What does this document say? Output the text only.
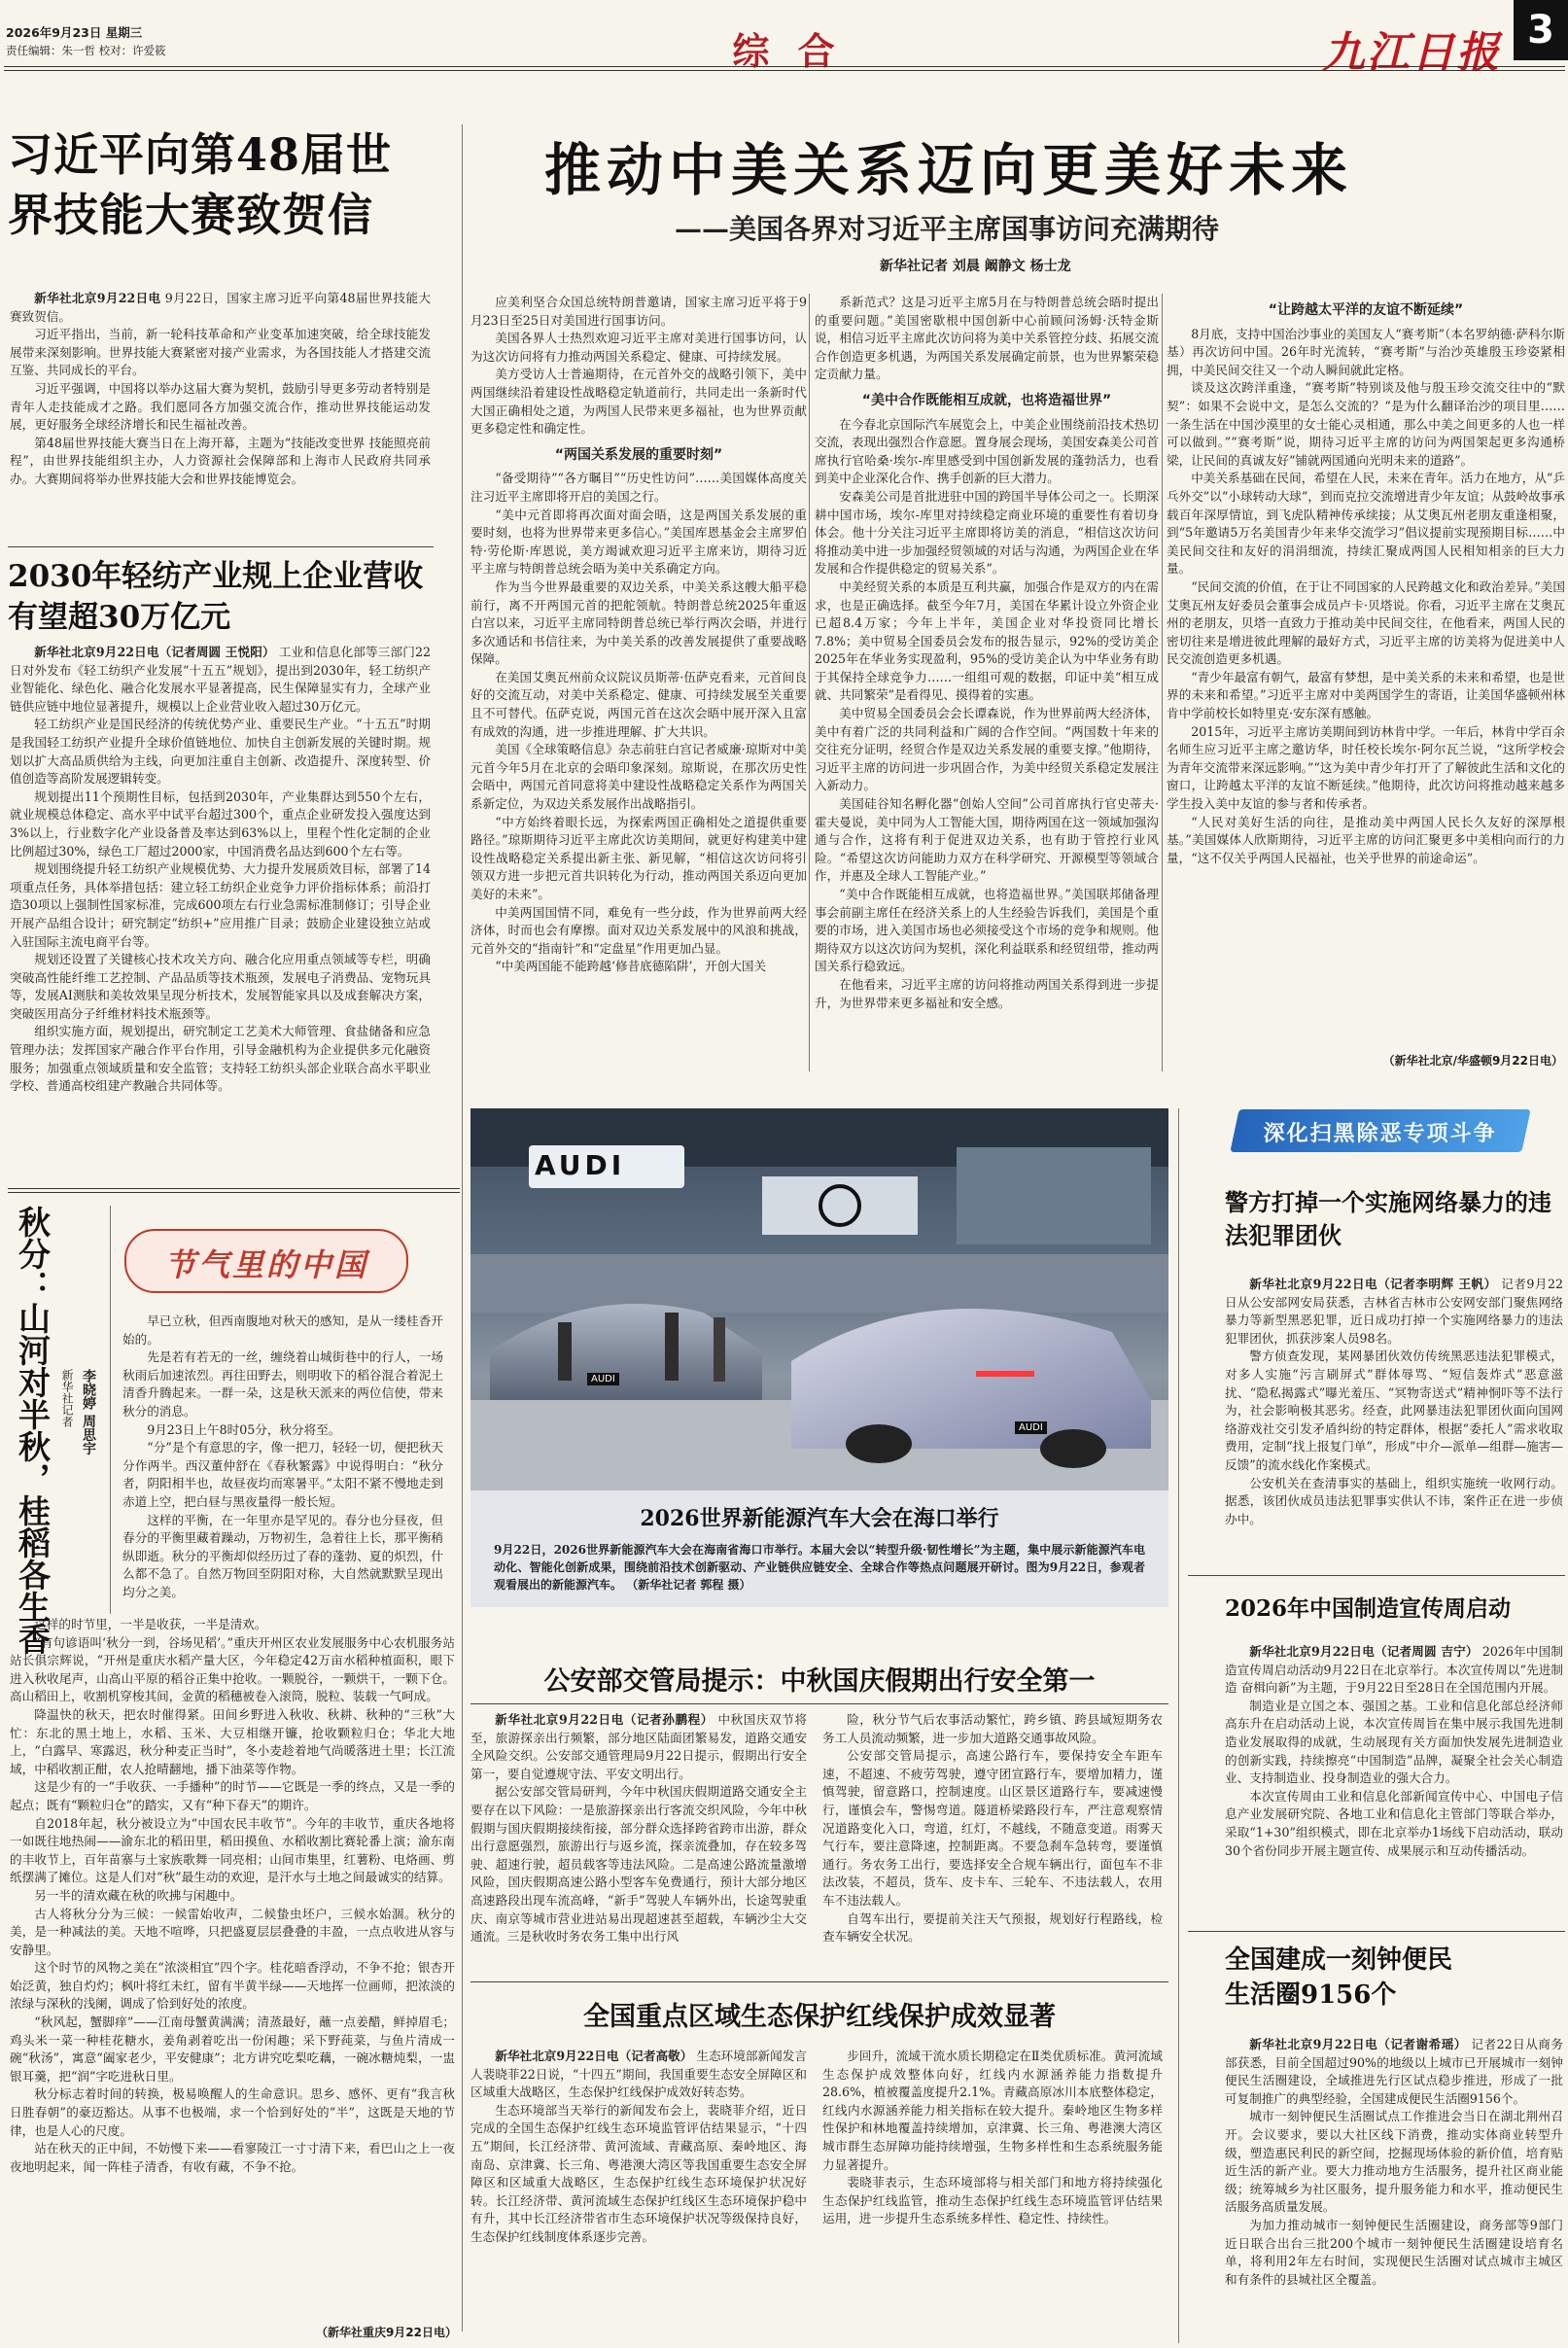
2026年9月23日 星期三
责任编辑：朱一哲 校对：许爱筱	综 合	九江日报 3
习近平向第48届世界技能大赛致贺信

新华社北京9月22日电 9月22日，国家主席习近平向第48届世界技能大赛致贺信。

习近平指出，当前，新一轮科技革命和产业变革加速突破，给全球技能发展带来深刻影响。世界技能大赛紧密对接产业需求，为各国技能人才搭建交流互鉴、共同成长的平台。

习近平强调，中国将以举办这届大赛为契机，鼓励引导更多劳动者特别是青年人走技能成才之路。我们愿同各方加强交流合作，推动世界技能运动发展，更好服务全球经济增长和民生福祉改善。

第48届世界技能大赛当日在上海开幕，主题为“技能改变世界 技能照亮前程”，由世界技能组织主办，人力资源社会保障部和上海市人民政府共同承办。大赛期间将举办世界技能大会和世界技能博览会。

2030年轻纺产业规上企业营收有望超30万亿元

新华社北京9月22日电（记者周圆 王悦阳） 工业和信息化部等三部门22日对外发布《轻工纺织产业发展“十五五”规划》，提出到2030年，轻工纺织产业智能化、绿色化、融合化发展水平显著提高，民生保障显实有力，全球产业链供应链中地位显著提升，规模以上企业营业收入超过30万亿元。

轻工纺织产业是国民经济的传统优势产业、重要民生产业。“十五五”时期是我国轻工纺织产业提升全球价值链地位、加快自主创新发展的关键时期。规划以扩大高品质供给为主线，向更加注重自主创新、改造提升、深度转型、价值创造等高阶发展逻辑转变。

规划提出11个预期性目标，包括到2030年，产业集群达到550个左右，就业规模总体稳定、高水平中试平台超过300个，重点企业研发投入强度达到3%以上，行业数字化产业设备普及率达到63%以上，里程个性化定制的企业比例超过30%，绿色工厂超过2000家，中国消费名品达到600个左右等。

规划围绕提升轻工纺织产业规模优势、大力提升发展质效目标，部署了14项重点任务，具体举措包括：建立轻工纺织企业竞争力评价指标体系；前沿打造30项以上强制性国家标准，完成600项左右行业急需标准制修订；引导企业开展产品组合设计；研究制定“纺织+”应用推广目录；鼓励企业建设独立站或入驻国际主流电商平台等。

规划还设置了关键核心技术攻关方向、融合化应用重点领域等专栏，明确突破高性能纤维工艺控制、产品品质等技术瓶颈，发展电子消费品、宠物玩具等，发展AI测肤和美妆效果呈现分析技术，发展智能家具以及成套解决方案，突破医用高分子纤维材料技术瓶颈等。

组织实施方面，规划提出，研究制定工艺美术大师管理、食盐储备和应急管理办法；发挥国家产融合作平台作用，引导金融机构为企业提供多元化融资服务；加强重点领域质量和安全监管；支持轻工纺织头部企业联合高水平职业学校、普通高校组建产教融合共同体等。

秋分：山河对半秋，桂稻各生香 新华社记者 李晓婷 周思宇
节气里的中国

早已立秋，但西南腹地对秋天的感知，是从一缕桂香开始的。

先是若有若无的一丝，缠绕着山城街巷中的行人，一场秋雨后加速浓烈。再往田野去，则明收下的稻谷混合着泥土清香升腾起来。一群一朵，这是秋天派来的两位信使，带来秋分的消息。

9月23日上午8时05分，秋分将至。

“分”是个有意思的字，像一把刀，轻轻一切，便把秋天分作两半。西汉董仲舒在《春秋繁露》中说得明白：“秋分者，阴阳相半也，故昼夜均而寒暑平。”太阳不紧不慢地走到赤道上空，把白昼与黑夜量得一般长短。

这样的平衡，在一年里亦是罕见的。春分也分昼夜，但春分的平衡里藏着躁动，万物初生，急着往上长，那平衡稍纵即逝。秋分的平衡却似经历过了春的蓬勃、夏的炽烈，什么都不急了。自然万物回至阴阳对称，大自然就默默呈现出均分之美。

这样的时节里，一半是收获，一半是清欢。

“有句谚语叫‘秋分一到，谷场见稻’。”重庆开州区农业发展服务中心农机服务站站长俱宗辉说，“开州是重庆水稻产量大区，今年稳定42万亩水稻种植面积，眼下进入秋收尾声，山高山平原的稻谷正集中抢收。一颗脱谷，一颗烘干，一颗下仓。高山稻田上，收割机穿梭其间，金黄的稻穗被卷入滚筒，脱粒、装载一气呵成。

降温快的秋天，把农时催得紧。田间乡野进入秋收、秋耕、秋种的“三秋”大忙：东北的黑土地上，水稻、玉米、大豆相继开镰，抢收颗粒归仓；华北大地上，“白露早、寒露迟，秋分种麦正当时”，冬小麦趁着地气尚暖落进土里；长江流域，中稻收割正酣，农人抢晴翻地，播下油菜等作物。

这是少有的一“手收获、一手播种”的时节——它既是一季的终点，又是一季的起点；既有“颗粒归仓”的踏实，又有“种下春天”的期许。

自2018年起，秋分被设立为“中国农民丰收节”。今年的丰收节，重庆各地将一如既往地热闹——渝东北的稻田里，稻田摸鱼、水稻收割比赛轮番上演；渝东南的丰收节上，百年苗寨与土家族歌舞一同亮相；山间市集里，红薯粉、电烙画、剪纸摆满了摊位。这是人们对“秋”最生动的欢迎，是汗水与土地之间最诚实的结算。

另一半的清欢藏在秋的吹拂与闲趣中。

古人将秋分分为三候：一候雷始收声，二候蛰虫坯户，三候水始涸。秋分的美，是一种减法的美。天地不喧哗，只把盛夏层层叠叠的丰盈，一点点收进从容与安静里。

这个时节的风物之美在“浓淡相宜”四个字。桂花暗香浮动，不争不抢；银杏开始泛黄，独自灼灼；枫叶将红未红，留有半黄半绿——天地挥一位画师，把浓淡的浓绿与深秋的浅阑，调成了恰到好处的浓度。

“秋风起，蟹脚痒”——江南母蟹黄满满；清蒸最好，蘸一点姜醋，鲜掉眉毛；鸡头米一菜一种桂花糖水，姜角剥着吃出一份闲趣；采下野莼菜，与鱼片清成一碗“秋汤”，寓意“阖家老少，平安健康”；北方讲究吃梨吃藕，一碗冰糖炖梨，一盅银耳羹，把“润”字吃进秋日里。

秋分标志着时间的转换，极易唤醒人的生命意识。思乡、感怀、更有“我言秋日胜春朝”的豪迈豁达。从事不也极端，求一个恰到好处的“半”，这既是天地的节律，也是人心的尺度。

站在秋天的正中间，不妨慢下来——看寥陵江一寸寸清下来，看巴山之上一夜夜地明起来，闻一阵桂子清香，有收有藏，不争不抢。

（新华社重庆9月22日电）
推动中美关系迈向更美好未来
——美国各界对习近平主席国事访问充满期待
新华社记者 刘晨 阚静文 杨士龙

应美利坚合众国总统特朗普邀请，国家主席习近平将于9月23日至25日对美国进行国事访问。

美国各界人士热烈欢迎习近平主席对美进行国事访问，认为这次访问将有力推动两国关系稳定、健康、可持续发展。

美方受访人士普遍期待，在元首外交的战略引领下，美中两国继续沿着建设性战略稳定轨道前行，共同走出一条新时代大国正确相处之道，为两国人民带来更多福祉，也为世界贡献更多稳定性和确定性。

“两国关系发展的重要时刻”

“备受期待”“各方瞩目”“历史性访问”……美国媒体高度关注习近平主席即将开启的美国之行。

“美中元首即将再次面对面会晤，这是两国关系发展的重要时刻，也将为世界带来更多信心。”美国库恩基金会主席罗伯特·劳伦斯·库恩说，美方竭诚欢迎习近平主席来访，期待习近平主席与特朗普总统会晤为美中关系确定方向。

作为当今世界最重要的双边关系，中美关系这艘大船平稳前行，离不开两国元首的把舵领航。特朗普总统2025年重返白宫以来，习近平主席同特朗普总统已举行两次会晤，并进行多次通话和书信往来，为中美关系的改善发展提供了重要战略保障。

在美国艾奥瓦州前众议院议员斯蒂·伍萨克看来，元首间良好的交流互动，对美中关系稳定、健康、可持续发展至关重要且不可替代。伍萨克说，两国元首在这次会晤中展开深入且富有成效的沟通，进一步推进理解、扩大共识。

美国《全球策略信息》杂志前驻白宫记者威廉·琼斯对中美元首今年5月在北京的会晤印象深刻。琼斯说，在那次历史性会晤中，两国元首同意将美中建设性战略稳定关系作为两国关系新定位，为双边关系发展作出战略指引。

“中方始终着眼长远，为探索两国正确相处之道提供重要路径。”琼斯期待习近平主席此次访美期间，就更好构建美中建设性战略稳定关系提出新主张、新见解，“相信这次访问将引领双方进一步把元首共识转化为行动，推动两国关系迈向更加美好的未来”。

中美两国国情不同，难免有一些分歧，作为世界前两大经济体，时而也会有摩擦。面对双边关系发展中的风浪和挑战，元首外交的“指南针”和“定盘星”作用更加凸显。

“中美两国能不能跨越‘修昔底德陷阱’，开创大国关

系新范式？这是习近平主席5月在与特朗普总统会晤时提出的重要问题。”美国密歇根中国创新中心前顾问汤姆·沃特金斯说，相信习近平主席此次访问将为美中关系管控分歧、拓展交流合作创造更多机遇，为两国关系发展确定前景，也为世界繁荣稳定贡献力量。

“美中合作既能相互成就，也将造福世界”

在今春北京国际汽车展览会上，中美企业围绕前沿技术热切交流，表现出强烈合作意愿。置身展会现场，美国安森美公司首席执行官哈桑·埃尔-库里感受到中国创新发展的蓬勃活力，也看到美中企业深化合作、携手创新的巨大潜力。

安森美公司是首批进驻中国的跨国半导体公司之一。长期深耕中国市场，埃尔-库里对持续稳定商业环境的重要性有着切身体会。他十分关注习近平主席即将访美的消息，“相信这次访问将推动美中进一步加强经贸领域的对话与沟通，为两国企业在华发展和合作提供稳定的贸易关系”。

中美经贸关系的本质是互利共赢，加强合作是双方的内在需求，也是正确选择。截至今年7月，美国在华累计设立外资企业已超8.4万家；今年上半年，美国企业对华投资同比增长7.8%；美中贸易全国委员会发布的报告显示，92%的受访美企2025年在华业务实现盈利，95%的受访美企认为中华业务有助于其保持全球竞争力……一组组可观的数据，印证中美“相互成就、共同繁荣”是看得见、摸得着的实惠。

美中贸易全国委员会会长谭森说，作为世界前两大经济体，美中有着广泛的共同利益和广阔的合作空间。“两国数十年来的交往充分证明，经贸合作是双边关系发展的重要支撑。”他期待，习近平主席的访问进一步巩固合作，为美中经贸关系稳定发展注入新动力。

美国硅谷知名孵化器“创始人空间”公司首席执行官史蒂夫·霍夫曼说，美中同为人工智能大国，期待两国在这一领域加强沟通与合作，这将有利于促进双边关系，也有助于管控行业风险。“希望这次访问能助力双方在科学研究、开源模型等领域合作，并惠及全球人工智能产业。”

“美中合作既能相互成就，也将造福世界。”美国联邦储备理事会前副主席任在经济关系上的人生经验告诉我们，美国是个重要的市场，进入美国市场也必须接受这个市场的竞争和规则。他期待双方以这次访问为契机，深化利益联系和经贸纽带，推动两国关系行稳致远。

在他看来，习近平主席的访问将推动两国关系得到进一步提升，为世界带来更多福祉和安全感。

“让跨越太平洋的友谊不断延续”

8月底，支持中国治沙事业的美国友人“赛考斯”（本名罗纳德·萨科尔斯基）再次访问中国。26年时光流转，“赛考斯”与治沙英雄殷玉珍姿紧相拥，中美民间交往又一个动人瞬间就此定格。

谈及这次跨洋重逢，“赛考斯”特别谈及他与殷玉珍交流交往中的“默契”：如果不会说中文，是怎么交流的？“是为什么翻译治沙的项目里……一条生活在中国沙漠里的女士能心灵相通，那么中美之间更多的人也一样可以做到。”“赛考斯”说，期待习近平主席的访问为两国架起更多沟通桥梁，让民间的真诚友好“铺就两国通向光明未来的道路”。

中美关系基础在民间，希望在人民，未来在青年。活力在地方，从“乒乓外交”以“小球转动大球”，到而克拉交流增进青少年友谊；从鼓岭故事承载百年深厚情谊，到飞虎队精神传承续接；从艾奥瓦州老朋友重逢相聚，到“5年邀请5万名美国青少年来华交流学习”倡议提前实现预期目标……中美民间交往和友好的涓涓细流，持续汇聚成两国人民相知相亲的巨大力量。

“民间交流的价值，在于让不同国家的人民跨越文化和政治差异。”美国艾奥瓦州友好委员会董事会成员卢卡·贝塔说。你看，习近平主席在艾奥瓦州的老朋友，贝塔一直致力于推动美中民间交往，在他看来，两国人民的密切往来是增进彼此理解的最好方式，习近平主席的访美将为促进美中人民交流创造更多机遇。

“青少年最富有朝气，最富有梦想，是中美关系的未来和希望，也是世界的未来和希望。”习近平主席对中美两国学生的寄语，让美国华盛顿州林肯中学前校长如特里克·安东深有感触。

2015年，习近平主席访美期间到访林肯中学。一年后，林肯中学百余名师生应习近平主席之邀访华，时任校长埃尔·阿尔瓦兰说，“这所学校会为青年交流带来深远影响。”“这为美中青少年打开了了解彼此生活和文化的窗口，让跨越太平洋的友谊不断延续。”他期待，此次访问将推动越来越多学生投入美中友谊的参与者和传承者。

“人民对美好生活的向往，是推动美中两国人民长久友好的深厚根基。”美国媒体人欣斯期待，习近平主席的访问汇聚更多中美相向而行的力量，“这不仅关乎两国人民福祉，也关乎世界的前途命运”。

（新华社北京/华盛顿9月22日电）
AUDI
AUDI
AUDI
2026世界新能源汽车大会在海口举行
9月22日，2026世界新能源汽车大会在海南省海口市举行。本届大会以“转型升级·韧性增长”为主题，集中展示新能源汽车电动化、智能化创新成果，围绕前沿技术创新驱动、产业链供应链安全、全球合作等热点问题展开研讨。图为9月22日，参观者观看展出的新能源汽车。 （新华社记者 郭程 摄）
公安部交管局提示：中秋国庆假期出行安全第一

新华社北京9月22日电（记者孙鹏程） 中秋国庆双节将至，旅游探亲出行频繁，部分地区陆面团繁易发，道路交通安全风险交织。公安部交通管理局9月22日提示，假期出行安全第一，要自觉遵规守法、平安文明出行。

据公安部交管局研判，今年中秋国庆假期道路交通安全主要存在以下风险：一是旅游探亲出行客流交织风险，今年中秋假期与国庆假期接续衔接，部分群众选择跨省跨市出游，群众出行意愿强烈，旅游出行与返乡流，探亲流叠加，存在较多驾驶、超速行驶，超员载客等违法风险。二是高速公路流量激增风险，国庆假期高速公路小型客车免费通行，预计大部分地区高速路段出现车流高峰，“新手”驾驶人车辆外出，长途驾驶重庆、南京等城市营业进站易出现超速甚至超载，车辆沙尘大交通流。三是秋收时务农务工集中出行风

险，秋分节气后农事活动繁忙，跨乡镇、跨县域短期务农务工人员流动频繁，进一步加大道路交通事故风险。

公安部交管局提示，高速公路行车，要保持安全车距车速，不超速、不疲劳驾驶，遵守团宣路行车，要增加精力，谨慎驾驶，留意路口，控制速度。山区景区道路行车，要减速慢行，谨慎会车，警惕弯道。隧道桥梁路段行车，严注意观察情况道路变化入口，弯道，红灯，不越线，不随意变道。雨雾天气行车，要注意降速，控制距离。不要急刹车急转弯，要谨慎通行。务农务工出行，要选择安全合规车辆出行，面包车不非法改装，不超员，货车、皮卡车、三轮车、不违法载人，农用车不违法载人。

自驾车出行，要提前关注天气预报，规划好行程路线，检查车辆安全状况。

全国重点区域生态保护红线保护成效显著

新华社北京9月22日电（记者高敬） 生态环境部新闻发言人裴晓菲22日说，“十四五”期间，我国重要生态安全屏障区和区域重大战略区，生态保护红线保护成效好转态势。

生态环境部当天举行的新闻发布会上，裴晓菲介绍，近日完成的全国生态保护红线生态环境监管评估结果显示，“十四五”期间，长江经济带、黄河流域、青藏高原、秦岭地区、海南岛、京津冀、长三角、粤港澳大湾区等我国重要生态安全屏障区和区域重大战略区，生态保护红线生态环境保护状况好转。长江经济带、黄河流域生态保护红线区生态环境保护稳中有升，其中长江经济带省市生态环境保护状况等级保持良好，生态保护红线制度体系逐步完善。

步回升，流域干流水质长期稳定在Ⅱ类优质标准。黄河流域生态保护成效整体向好，红线内水源涵养能力指数提升28.6%，植被覆盖度提升2.1%。青藏高原冰川本底整体稳定，红线内水源涵养能力相关指标在较大提升。秦岭地区生物多样性保护和林地覆盖持续增加，京津冀、长三角、粤港澳大湾区城市群生态屏障功能持续增强，生物多样性和生态系统服务能力显著提升。

裴晓菲表示，生态环境部将与相关部门和地方将持续强化生态保护红线监管，推动生态保护红线生态环境监管评估结果运用，进一步提升生态系统多样性、稳定性、持续性。

深化扫黑除恶专项斗争
警方打掉一个实施网络暴力的违法犯罪团伙

新华社北京9月22日电（记者李明辉 王帆） 记者9月22日从公安部网安局获悉，吉林省吉林市公安网安部门聚焦网络暴力等新型黑恶犯罪，近日成功打掉一个实施网络暴力的违法犯罪团伙，抓获涉案人员98名。

警方侦查发现，某网暴团伙效仿传统黑恶违法犯罪模式，对多人实施“污言刷屏式”群体辱骂、“短信轰炸式”恶意滋扰、“隐私揭露式”曝光羞压、“冥物寄送式”精神恫吓等不法行为，社会影响极其恶劣。经查，此网暴违法犯罪团伙面向国网络游戏社交引发矛盾纠纷的特定群体，根据“委托人”需求收取费用，定制“找上报复门单”，形成“中介—派单—组群—施害—反馈”的流水线化作案模式。

公安机关在查清事实的基础上，组织实施统一收网行动。据悉，该团伙成员违法犯罪事实供认不讳，案件正在进一步侦办中。

2026年中国制造宣传周启动

新华社北京9月22日电（记者周圆 吉宁） 2026年中国制造宣传周启动活动9月22日在北京举行。本次宣传周以“先进制造 奋楫向新”为主题，于9月22日至28日在全国范围内开展。

制造业是立国之本、强国之基。工业和信息化部总经济师高东升在启动活动上说，本次宣传周旨在集中展示我国先进制造业发展取得的成就，生动展现有关方面加快发展先进制造业的创新实践，持续擦亮“中国制造”品牌，凝聚全社会关心制造业、支持制造业、投身制造业的强大合力。

本次宣传周由工业和信息化部新闻宣传中心、中国电子信息产业发展研究院、各地工业和信息化主管部门等联合举办，采取“1+30”组织模式，即在北京举办1场线下启动活动，联动30个省份同步开展主题宣传、成果展示和互动传播活动。

全国建成一刻钟便民生活圈9156个

新华社北京9月22日电（记者谢希瑶） 记者22日从商务部获悉，目前全国超过90%的地级以上城市已开展城市一刻钟便民生活圈建设，全域推进先行区试点稳步推进，形成了一批可复制推广的典型经验，全国建成便民生活圈9156个。

城市一刻钟便民生活圈试点工作推进会当日在湖北荆州召开。会议要求，要以大社区线下消费，推动实体商业转型升级，塑造惠民利民的新空间，挖掘现场体验的新价值，培育贴近生活的新产业。要大力推动地方生活服务，提升社区商业能级；统筹城乡为社区服务，提升服务能力和水平，推动便民生活服务高质量发展。

为加力推动城市一刻钟便民生活圈建设，商务部等9部门近日联合出台三批200个城市一刻钟便民生活圈建设培育名单，将利用2年左右时间，实现便民生活圈对试点城市主城区和有条件的县城社区全覆盖。
